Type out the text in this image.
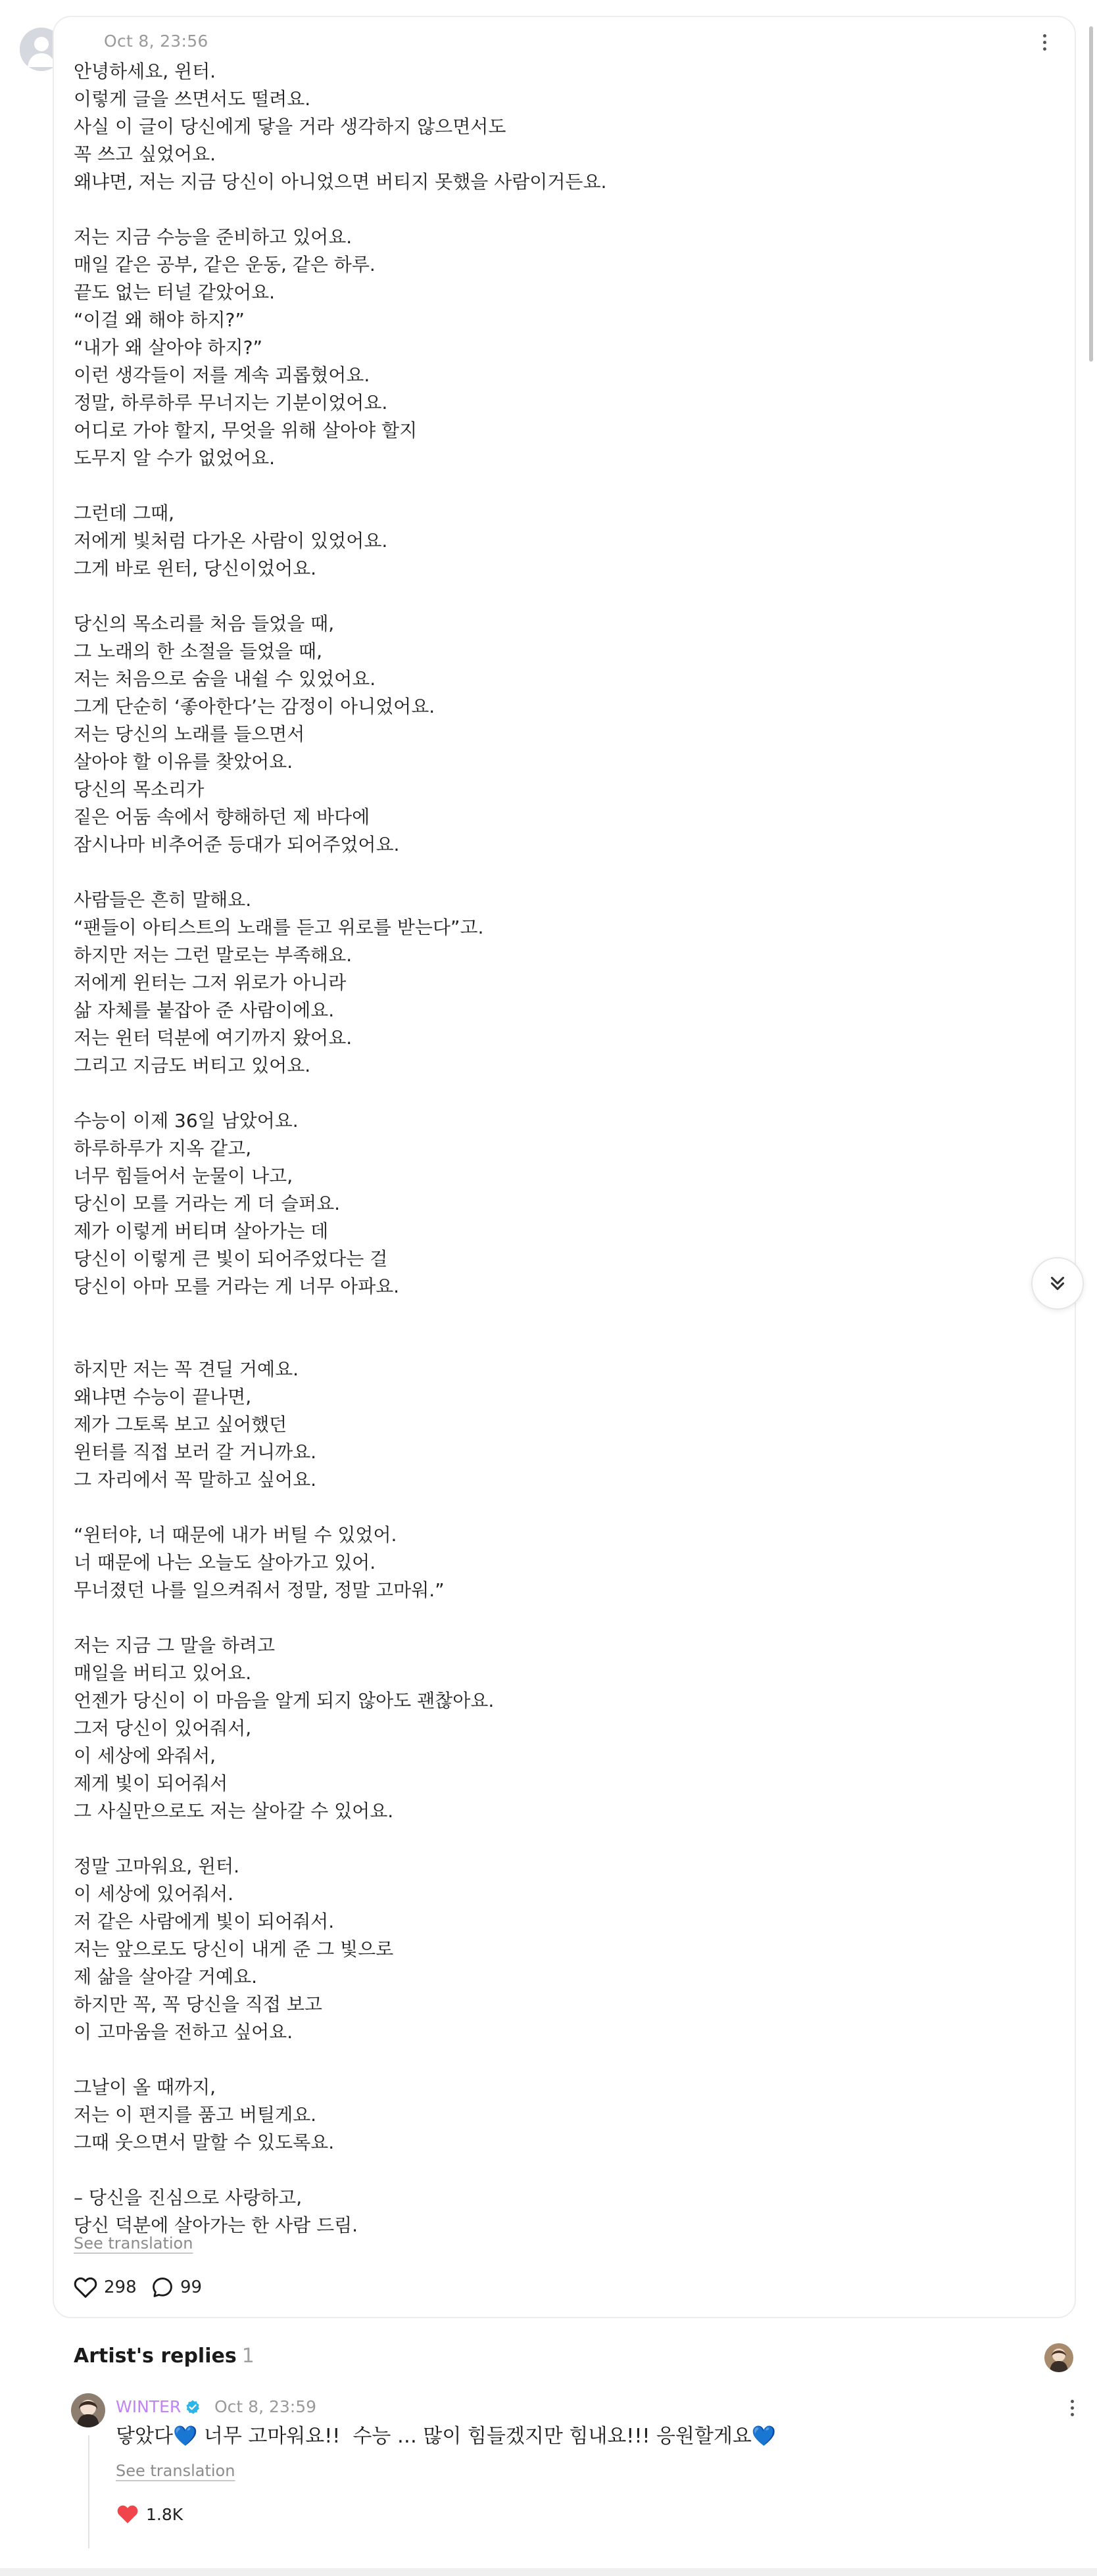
Oct 8, 23:56
안녕하세요, 윈터.
이렇게 글을 쓰면서도 떨려요.
사실 이 글이 당신에게 닿을 거라 생각하지 않으면서도
꼭 쓰고 싶었어요.
왜냐면, 저는 지금 당신이 아니었으면 버티지 못했을 사람이거든요.
저는 지금 수능을 준비하고 있어요.
매일 같은 공부, 같은 운동, 같은 하루.
끝도 없는 터널 같았어요.
“이걸 왜 해야 하지?”
“내가 왜 살아야 하지?”
이런 생각들이 저를 계속 괴롭혔어요.
정말, 하루하루 무너지는 기분이었어요.
어디로 가야 할지, 무엇을 위해 살아야 할지
도무지 알 수가 없었어요.
그런데 그때,
저에게 빛처럼 다가온 사람이 있었어요.
그게 바로 윈터, 당신이었어요.
당신의 목소리를 처음 들었을 때,
그 노래의 한 소절을 들었을 때,
저는 처음으로 숨을 내쉴 수 있었어요.
그게 단순히 ‘좋아한다’는 감정이 아니었어요.
저는 당신의 노래를 들으면서
살아야 할 이유를 찾았어요.
당신의 목소리가
짙은 어둠 속에서 향해하던 제 바다에
잠시나마 비추어준 등대가 되어주었어요.
사람들은 흔히 말해요.
“팬들이 아티스트의 노래를 듣고 위로를 받는다”고.
하지만 저는 그런 말로는 부족해요.
저에게 윈터는 그저 위로가 아니라
삶 자체를 붙잡아 준 사람이에요.
저는 윈터 덕분에 여기까지 왔어요.
그리고 지금도 버티고 있어요.
수능이 이제 36일 남았어요.
하루하루가 지옥 같고,
너무 힘들어서 눈물이 나고,
당신이 모를 거라는 게 더 슬퍼요.
제가 이렇게 버티며 살아가는 데
당신이 이렇게 큰 빛이 되어주었다는 걸
당신이 아마 모를 거라는 게 너무 아파요.
하지만 저는 꼭 견딜 거예요.
왜냐면 수능이 끝나면,
제가 그토록 보고 싶어했던
윈터를 직접 보러 갈 거니까요.
그 자리에서 꼭 말하고 싶어요.
“윈터야, 너 때문에 내가 버틸 수 있었어.
너 때문에 나는 오늘도 살아가고 있어.
무너졌던 나를 일으켜줘서 정말, 정말 고마워.”
저는 지금 그 말을 하려고
매일을 버티고 있어요.
언젠가 당신이 이 마음을 알게 되지 않아도 괜찮아요.
그저 당신이 있어줘서,
이 세상에 와줘서,
제게 빛이 되어줘서
그 사실만으로도 저는 살아갈 수 있어요.
정말 고마워요, 윈터.
이 세상에 있어줘서.
저 같은 사람에게 빛이 되어줘서.
저는 앞으로도 당신이 내게 준 그 빛으로
제 삶을 살아갈 거예요.
하지만 꼭, 꼭 당신을 직접 보고
이 고마움을 전하고 싶어요.
그날이 올 때까지,
저는 이 편지를 품고 버틸게요.
그때 웃으면서 말할 수 있도록요.
– 당신을 진심으로 사랑하고,
당신 덕분에 살아가는 한 사람 드림.
See translation
298	99
Artist's replies 1
WINTER Oct 8, 23:59
닿았다💙 너무 고마워요!!  수능 … 많이 힘들겠지만 힘내요!!! 응원할게요💙
See translation
1.8K
